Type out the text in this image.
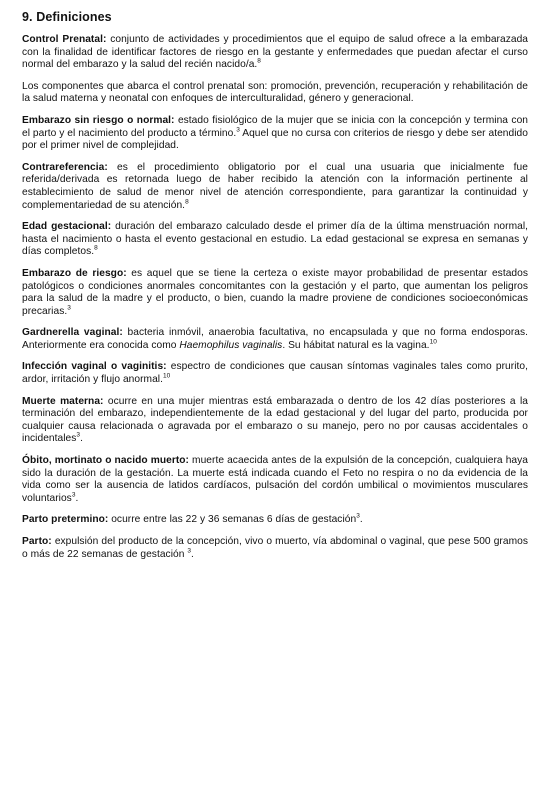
9. Definiciones

Control Prenatal: conjunto de actividades y procedimientos que el equipo de salud ofrece a la embarazada con la finalidad de identificar factores de riesgo en la gestante y enfermedades que puedan afectar el curso normal del embarazo y la salud del recién nacido/a.$^8$

Los componentes que abarca el control prenatal son: promoción, prevención, recuperación y rehabilitación de la salud materna y neonatal con enfoques de interculturalidad, género y generacional.

Embarazo sin riesgo o normal: estado fisiológico de la mujer que se inicia con la concepción y termina con el parto y el nacimiento del producto a término.$^3$ Aquel que no cursa con criterios de riesgo y debe ser atendido por el primer nivel de complejidad.

Contrareferencia: es el procedimiento obligatorio por el cual una usuaria que inicialmente fue referida/derivada es retornada luego de haber recibido la atención con la información pertinente al establecimiento de salud de menor nivel de atención correspondiente, para garantizar la continuidad y complementariedad de su atención.$^8$

Edad gestacional: duración del embarazo calculado desde el primer día de la última menstruación normal, hasta el nacimiento o hasta el evento gestacional en estudio. La edad gestacional se expresa en semanas y días completos.$^8$

Embarazo de riesgo: es aquel que se tiene la certeza o existe mayor probabilidad de presentar estados patológicos o condiciones anormales concomitantes con la gestación y el parto, que aumentan los peligros para la salud de la madre y el producto, o bien, cuando la madre proviene de condiciones socioeconómicas precarias.$^3$

Gardnerella vaginal: bacteria inmóvil, anaerobia facultativa, no encapsulada y que no forma endosporas. Anteriormente era conocida como Haemophilus vaginalis. Su hábitat natural es la vagina.$^{10}$

Infección vaginal o vaginitis: espectro de condiciones que causan síntomas vaginales tales como prurito, ardor, irritación y flujo anormal.$^{10}$

Muerte materna: ocurre en una mujer mientras está embarazada o dentro de los 42 días posteriores a la terminación del embarazo, independientemente de la edad gestacional y del lugar del parto, producida por cualquier causa relacionada o agravada por el embarazo o su manejo, pero no por causas accidentales o incidentales$^3$.

Óbito, mortinato o nacido muerto: muerte acaecida antes de la expulsión de la concepción, cualquiera haya sido la duración de la gestación. La muerte está indicada cuando el Feto no respira o no da evidencia de la vida como ser la ausencia de latidos cardíacos, pulsación del cordón umbilical o movimientos musculares voluntarios$^3$.

Parto pretermino: ocurre entre las 22 y 36 semanas 6 días de gestación$^3$.

Parto: expulsión del producto de la concepción, vivo o muerto, vía abdominal o vaginal, que pese 500 gramos o más de 22 semanas de gestación $^3$.
